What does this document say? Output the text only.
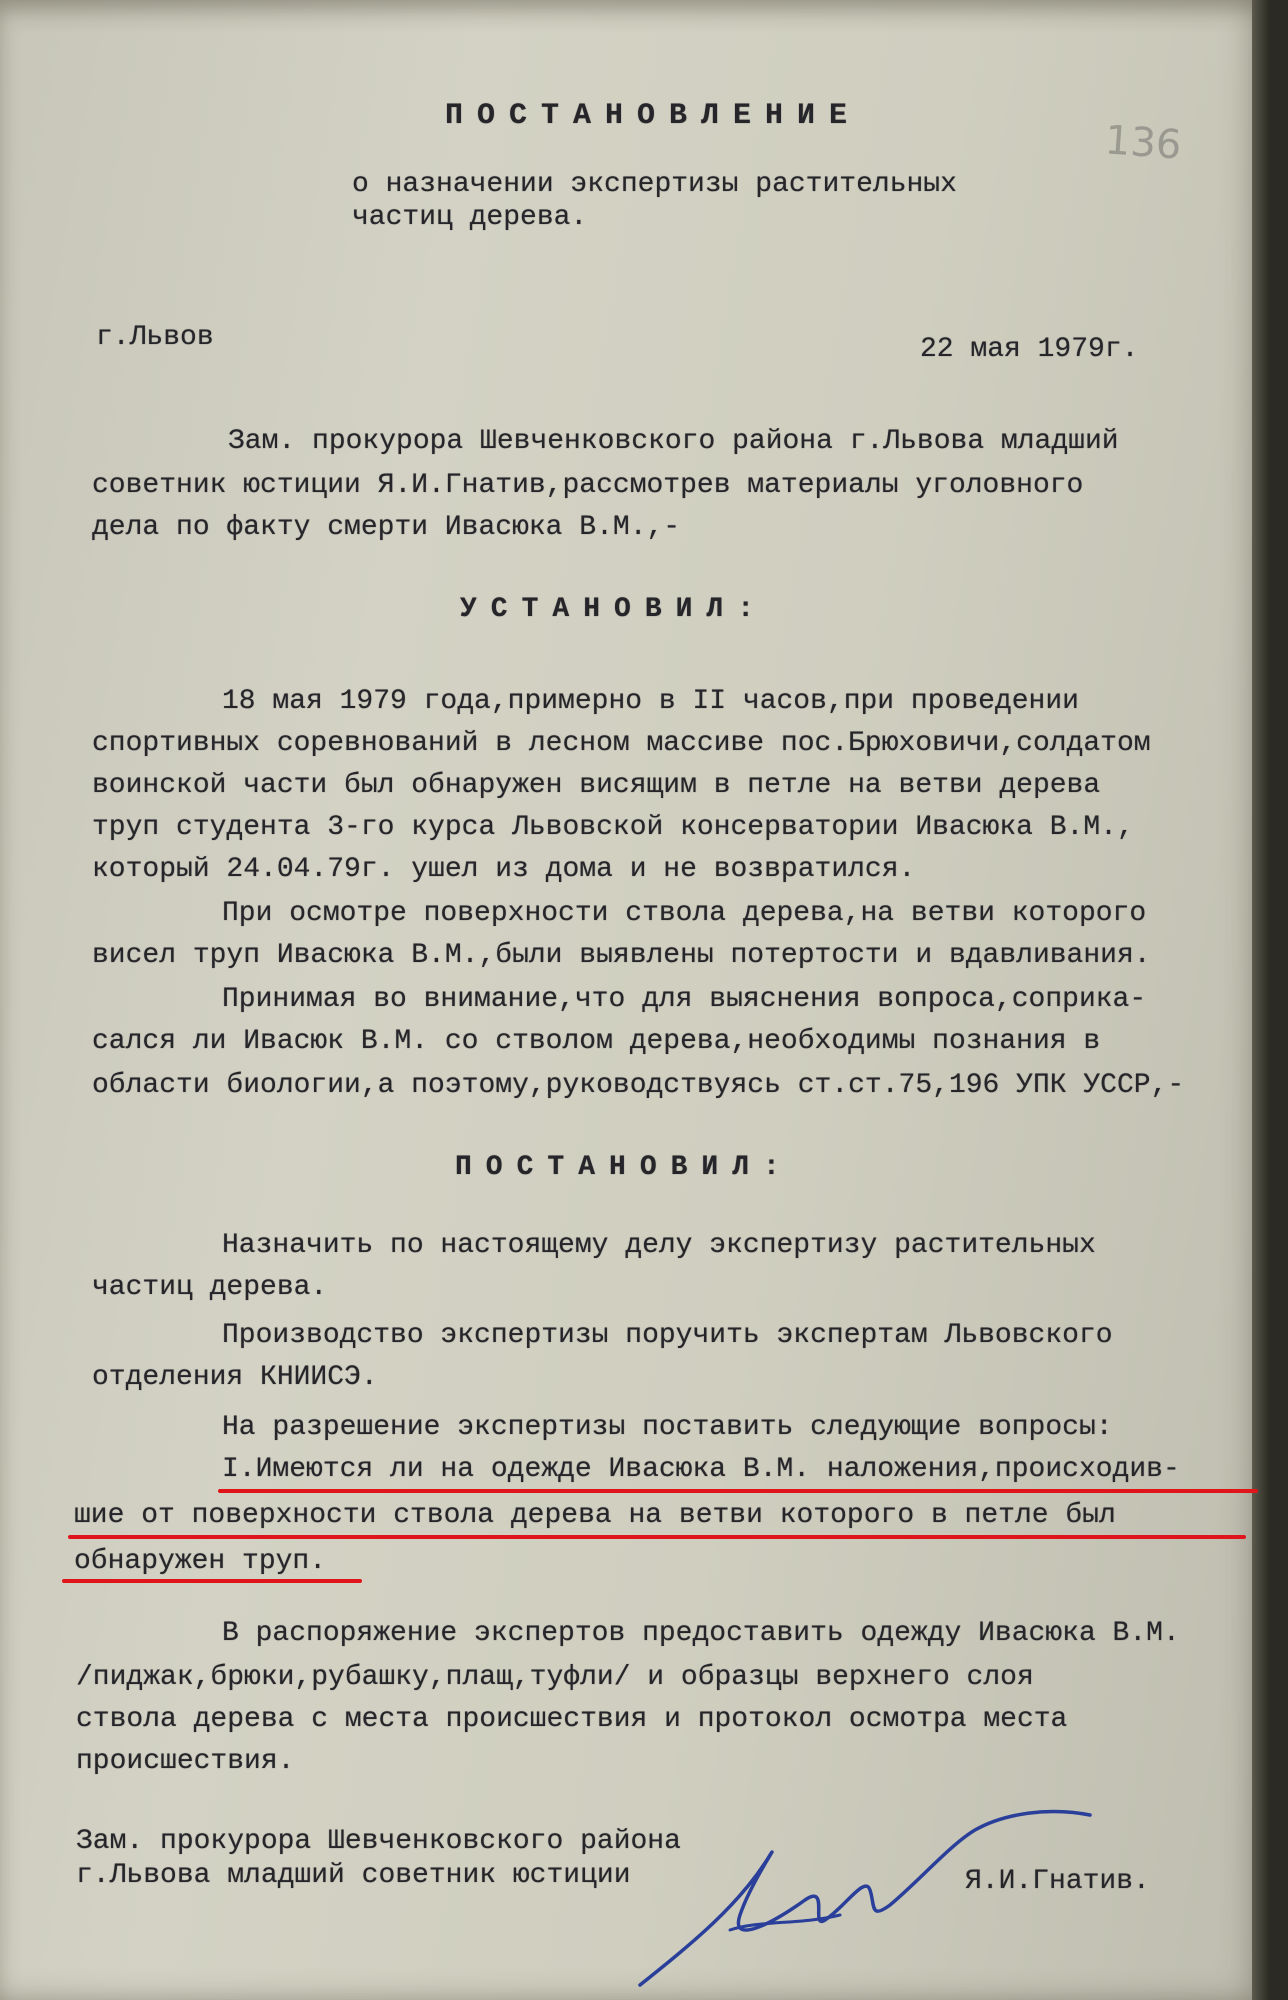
136
ПОСТАНОВЛЕНИЕ
о назначении экспертизы растительных
частиц дерева.
г.Львов	22 мая 1979г.
Зам. прокурора Шевченковского района г.Львова младший
советник юстиции Я.И.Гнатив,рассмотрев материалы уголовного
дела по факту смерти Ивасюка В.М.,-
УСТАНОВИЛ:
18 мая 1979 года,примерно в II часов,при проведении
спортивных соревнований в лесном массиве пос.Брюховичи,солдатом
воинской части был обнаружен висящим в петле на ветви дерева
труп студента 3-го курса Львовской консерватории Ивасюка В.М.,
который 24.04.79г. ушел из дома и не возвратился.
При осмотре поверхности ствола дерева,на ветви которого
висел труп Ивасюка В.М.,были выявлены потертости и вдавливания.
Принимая во внимание,что для выяснения вопроса,соприка-
сался ли Ивасюк В.М. со стволом дерева,необходимы познания в
области биологии,а поэтому,руководствуясь ст.ст.75,196 УПК УССР,-
ПОСТАНОВИЛ:
Назначить по настоящему делу экспертизу растительных
частиц дерева.
Производство экспертизы поручить экспертам Львовского
отделения КНИИСЭ.
На разрешение экспертизы поставить следующие вопросы:
I.Имеются ли на одежде Ивасюка В.М. наложения,происходив-
шие от поверхности ствола дерева на ветви которого в петле был
обнаружен труп.
В распоряжение экспертов предоставить одежду Ивасюка В.М.
/пиджак,брюки,рубашку,плащ,туфли/ и образцы верхнего слоя
ствола дерева с места происшествия и протокол осмотра места
происшествия.
Зам. прокурора Шевченковского района
г.Львова младший советник юстиции	Я.И.Гнатив.
